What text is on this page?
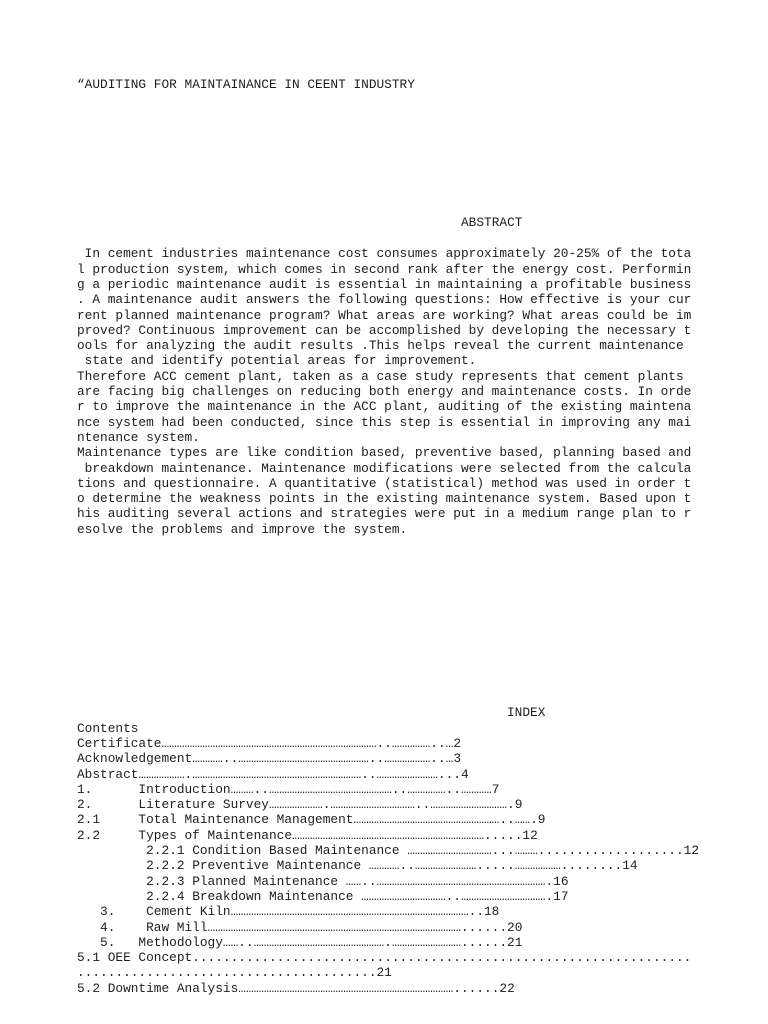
“AUDITING FOR MAINTAINANCE IN CEENT INDUSTRY
ABSTRACT
In cement industries maintenance cost consumes approximately 20-25% of the tota
l production system, which comes in second rank after the energy cost. Performin
g a periodic maintenance audit is essential in maintaining a profitable business
. A maintenance audit answers the following questions: How effective is your cur
rent planned maintenance program? What areas are working? What areas could be im
proved? Continuous improvement can be accomplished by developing the necessary t
ools for analyzing the audit results .This helps reveal the current maintenance
state and identify potential areas for improvement.
Therefore ACC cement plant, taken as a case study represents that cement plants
are facing big challenges on reducing both energy and maintenance costs. In orde
r to improve the maintenance in the ACC plant, auditing of the existing maintena
nce system had been conducted, since this step is essential in improving any mai
ntenance system.
Maintenance types are like condition based, preventive based, planning based and
breakdown maintenance. Maintenance modifications were selected from the calcula
tions and questionnaire. A quantitative (statistical) method was used in order t
o determine the weakness points in the existing maintenance system. Based upon t
his auditing several actions and strategies were put in a medium range plan to r
esolve the problems and improve the system.
INDEX
Contents
Certificate …………………………………………………………………………..……………..… 2
Acknowledgement …………..……………………………………………..………………..… 3
Abstract ……………….…………………………………………………………..……………………... 4
1.	Introduction ………..…………………………………………..……………..………… 7
2.	Literature Survey ………………….……………………………..…………………………. 9
2.1	Total Maintenance Management …………………………………………………..……. 9
2.2	Types of Maintenance …………………………………………………………………..... 12
2.2.1 Condition Based Maintenance ……………………………...………................... 12
2.2.2 Preventive Maintenance …………..…………………….....………………........ 14
2.2.3 Planned Maintenance ……..…………………………………………………………. 16
2.2.4 Breakdown Maintenance ……………………………..……………………………. 17
3.	Cement Kiln ………………………………………………………………………………….. 18
4.	Raw Mill ………………………………………………………………………………………...... 20
5.	Methodology ……..…………………………………………….………………………...... 21
5.1 OEE Concept .................................................................
....................................... 21
5.2 Downtime Analysis …………………………………………………………………………...... 22
